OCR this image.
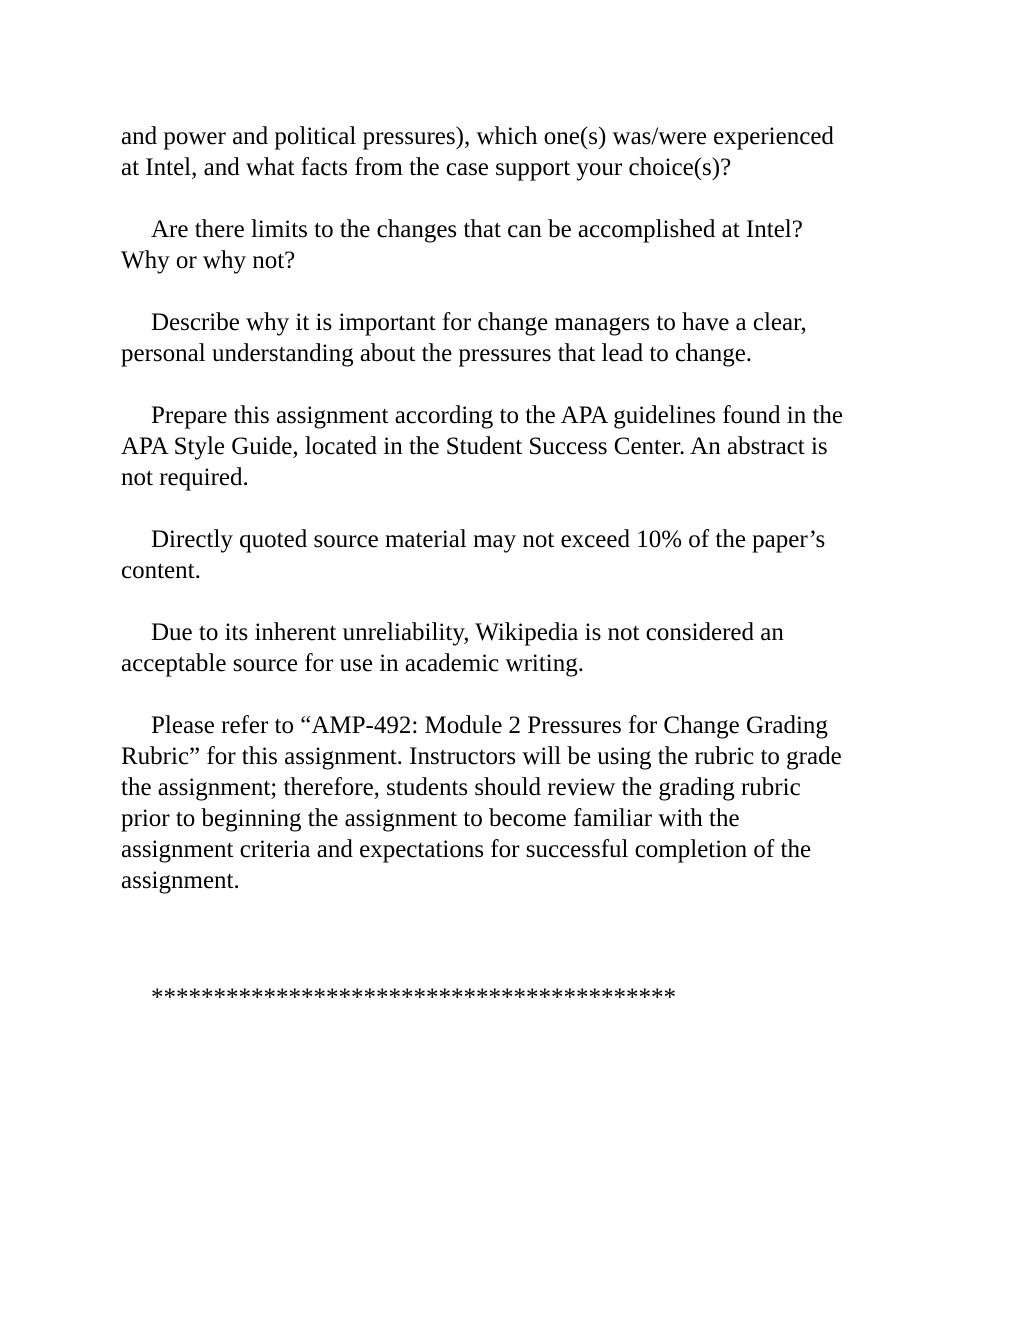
and power and political pressures), which one(s) was/were experienced
at Intel, and what facts from the case support your choice(s)?

Are there limits to the changes that can be accomplished at Intel?
Why or why not?

Describe why it is important for change managers to have a clear,
personal understanding about the pressures that lead to change.

Prepare this assignment according to the APA guidelines found in the
APA Style Guide, located in the Student Success Center. An abstract is
not required.

Directly quoted source material may not exceed 10% of the paper’s
content.

Due to its inherent unreliability, Wikipedia is not considered an
acceptable source for use in academic writing.

Please refer to “AMP-492: Module 2 Pressures for Change Grading
Rubric” for this assignment. Instructors will be using the rubric to grade
the assignment; therefore, students should review the grading rubric
prior to beginning the assignment to become familiar with the
assignment criteria and expectations for successful completion of the
assignment.

******************************************
